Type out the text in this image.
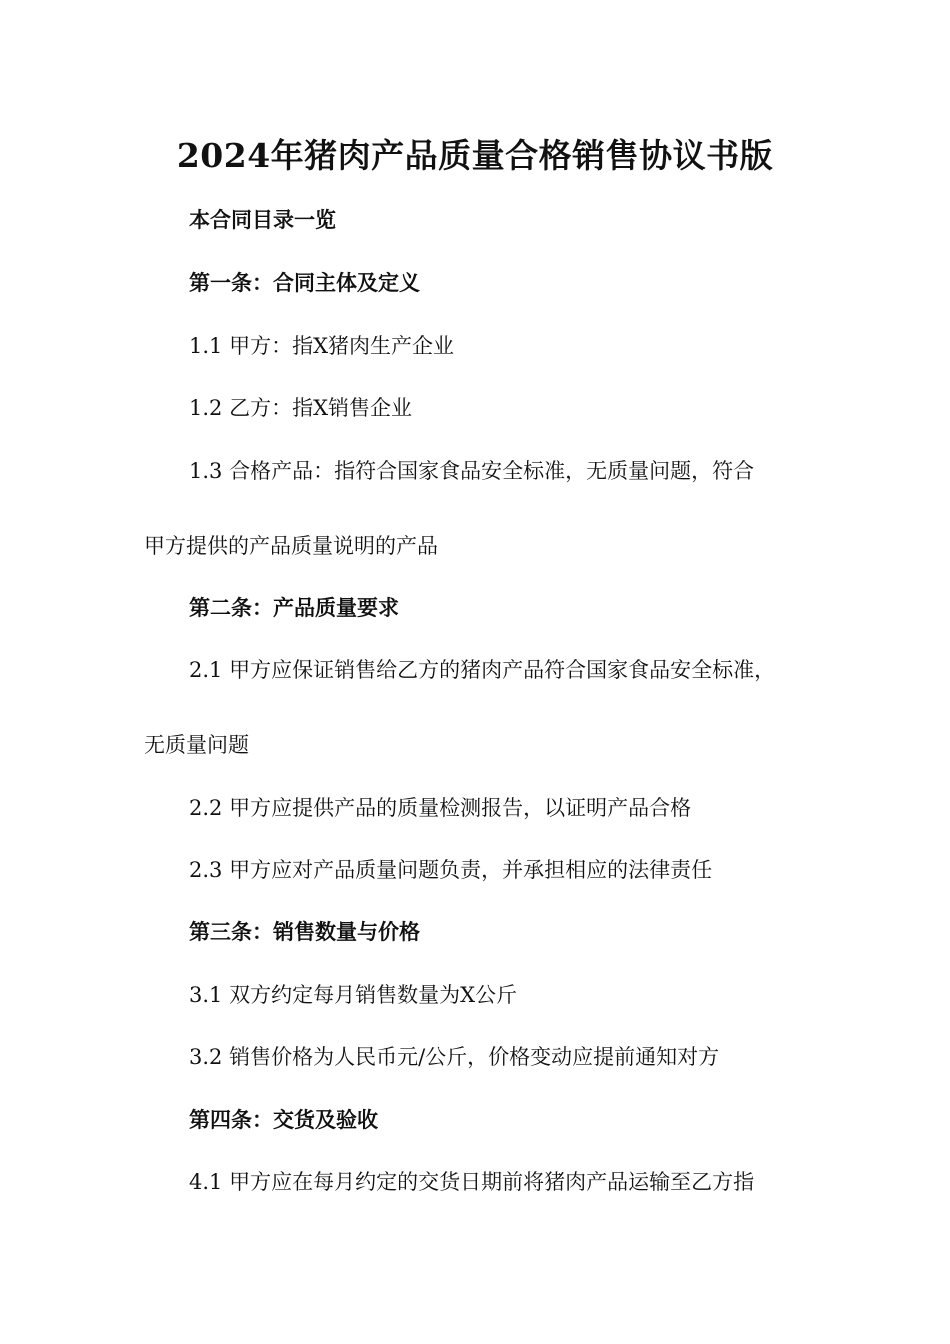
2024年猪肉产品质量合格销售协议书版
本合同目录一览
第一条：合同主体及定义
1.1 甲方：指X猪肉生产企业
1.2 乙方：指X销售企业
1.3 合格产品：指符合国家食品安全标准，无质量问题，符合
甲方提供的产品质量说明的产品
第二条：产品质量要求
2.1 甲方应保证销售给乙方的猪肉产品符合国家食品安全标准，
无质量问题
2.2 甲方应提供产品的质量检测报告，以证明产品合格
2.3 甲方应对产品质量问题负责，并承担相应的法律责任
第三条：销售数量与价格
3.1 双方约定每月销售数量为X公斤
3.2 销售价格为人民币元/公斤，价格变动应提前通知对方
第四条：交货及验收
4.1 甲方应在每月约定的交货日期前将猪肉产品运输至乙方指
